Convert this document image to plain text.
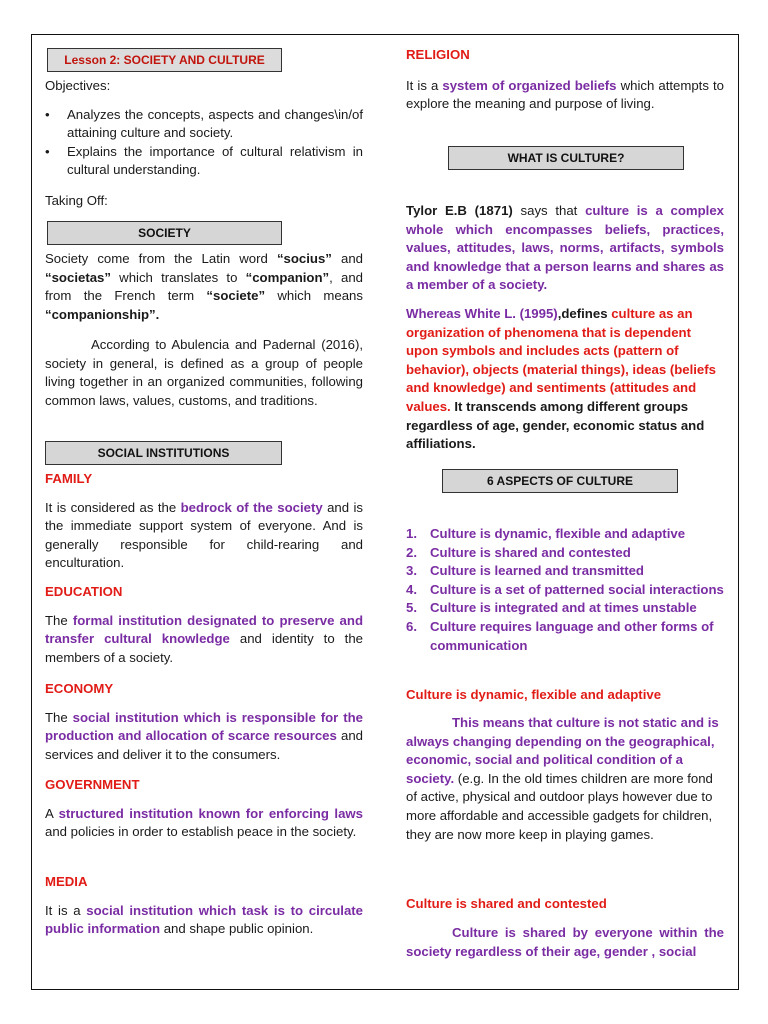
Lesson 2: SOCIETY AND CULTURE

Objectives:

• Analyzes the concepts, aspects and changes\in/of attaining culture and society.
• Explains the importance of cultural relativism in cultural understanding.

Taking Off:

SOCIETY

Society come from the Latin word “socius” and “societas” which translates to “companion”, and from the French term “societe” which means “companionship”.

According to Abulencia and Padernal (2016), society in general, is defined as a group of people living together in an organized communities, following common laws, values, customs, and traditions.

SOCIAL INSTITUTIONS

FAMILY

It is considered as the bedrock of the society and is the immediate support system of everyone. And is generally responsible for child-rearing and enculturation.

EDUCATION

The formal institution designated to preserve and transfer cultural knowledge and identity to the members of a society.

ECONOMY

The social institution which is responsible for the production and allocation of scarce resources and services and deliver it to the consumers.

GOVERNMENT

A structured institution known for enforcing laws and policies in order to establish peace in the society.

MEDIA

It is a social institution which task is to circulate public information and shape public opinion.

RELIGION

It is a system of organized beliefs which attempts to explore the meaning and purpose of living.

WHAT IS CULTURE?

Tylor E.B (1871) says that culture is a complex whole which encompasses beliefs, practices, values, attitudes, laws, norms, artifacts, symbols and knowledge that a person learns and shares as a member of a society.

Whereas White L. (1995),defines culture as an organization of phenomena that is dependent upon symbols and includes acts (pattern of behavior), objects (material things), ideas (beliefs and knowledge) and sentiments (attitudes and values. It transcends among different groups regardless of age, gender, economic status and affiliations.

6 ASPECTS OF CULTURE
1. Culture is dynamic, flexible and adaptive
2. Culture is shared and contested
3. Culture is learned and transmitted
4. Culture is a set of patterned social interactions
5. Culture is integrated and at times unstable
6. Culture requires language and other forms of communication

Culture is dynamic, flexible and adaptive

This means that culture is not static and is always changing depending on the geographical, economic, social and political condition of a society. (e.g. In the old times children are more fond of active, physical and outdoor plays however due to more affordable and accessible gadgets for children, they are now more keep in playing games.

Culture is shared and contested

Culture is shared by everyone within the society regardless of their age, gender , social
